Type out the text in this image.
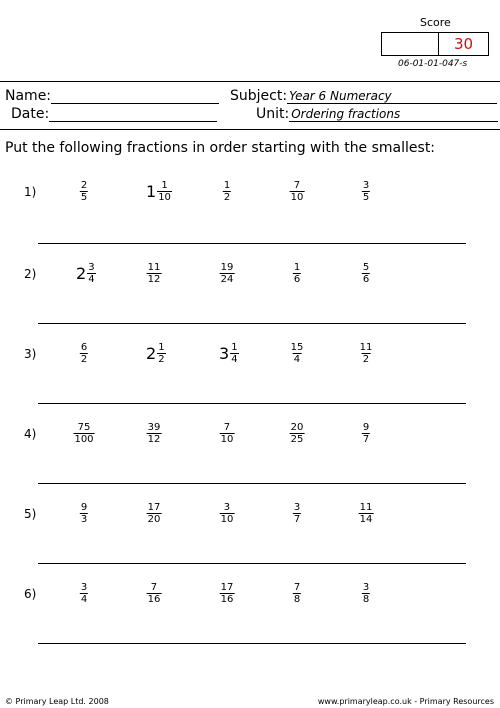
Score
30
06-01-01-047-s
Name:	Subject: Year 6 Numeracy
Date:	Unit: Ordering fractions
Put the following fractions in order starting with the smallest:
1)	$\frac{2}{5}$	$1 \frac{1}{10}$	$\frac{1}{2}$	$\frac{7}{10}$	$\frac{3}{5}$
2) $2 \frac{3}{4}$	$\frac{11}{12}$	$\frac{19}{24}$	$\frac{1}{6}$	$\frac{5}{6}$
3)	$\frac{6}{2}$	$2 \frac{1}{2}$	$3 \frac{1}{4}$	$\frac{15}{4}$	$\frac{11}{2}$
4)	$\frac{75}{100}$	$\frac{39}{12}$	$\frac{7}{10}$	$\frac{20}{25}$	$\frac{9}{7}$
5)	$\frac{9}{3}$	$\frac{17}{20}$	$\frac{3}{10}$	$\frac{3}{7}$	$\frac{11}{14}$
6)	$\frac{3}{4}$	$\frac{7}{16}$	$\frac{17}{16}$	$\frac{7}{8}$	$\frac{3}{8}$
© Primary Leap Ltd. 2008	www.primaryleap.co.uk - Primary Resources
